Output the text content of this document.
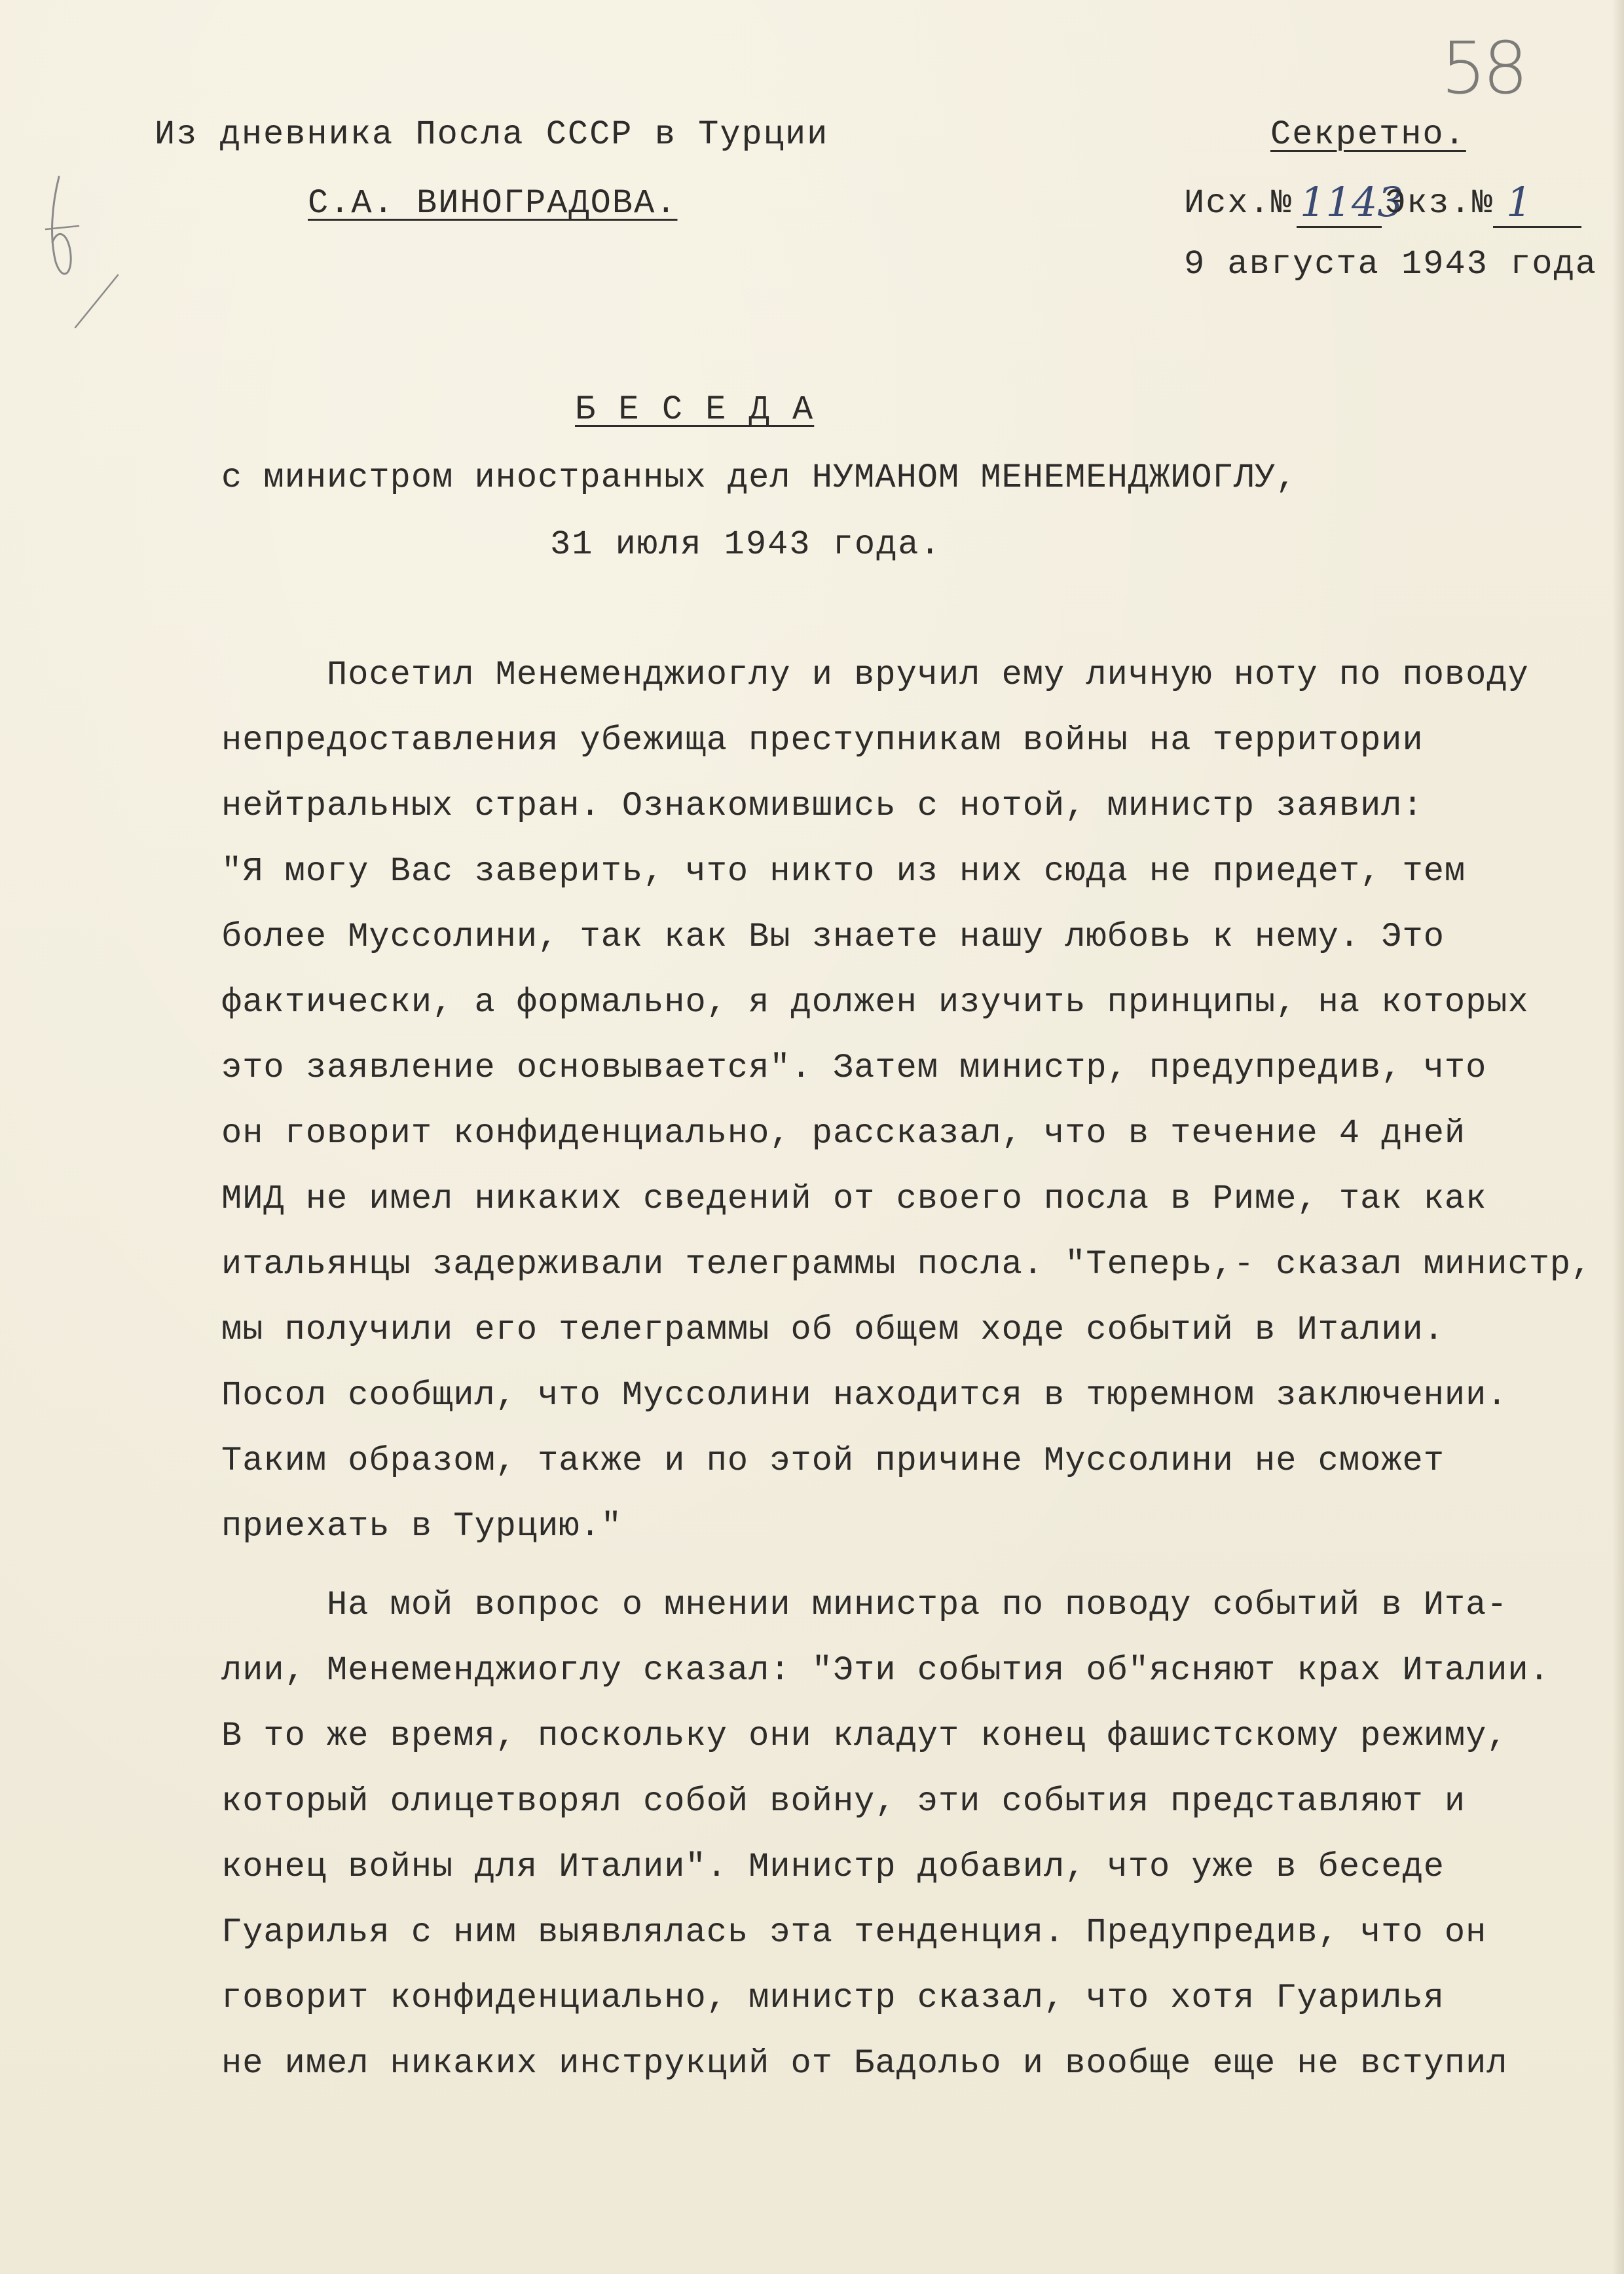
58
Из дневника Посла СССР в Турции
С.А. ВИНОГРАДОВА.
Секретно.
Исх.№ 1143
Экз.№ 1
9 августа 1943 года
Б Е С Е Д А
с министром иностранных дел НУМАНОМ МЕНЕМЕНДЖИОГЛУ,
31 июля 1943 года.
Посетил Менеменджиоглу и вручил ему личную ноту по поводу
непредоставления убежища преступникам войны на территории
нейтральных стран. Ознакомившись с нотой, министр заявил:
"Я могу Вас заверить, что никто из них сюда не приедет, тем
более Муссолини, так как Вы знаете нашу любовь к нему. Это
фактически, а формально, я должен изучить принципы, на которых
это заявление основывается". Затем министр, предупредив, что
он говорит конфиденциально, рассказал, что в течение 4 дней
МИД не имел никаких сведений от своего посла в Риме, так как
итальянцы задерживали телеграммы посла. "Теперь,- сказал министр,
мы получили его телеграммы об общем ходе событий в Италии.
Посол сообщил, что Муссолини находится в тюремном заключении.
Таким образом, также и по этой причине Муссолини не сможет
приехать в Турцию."
На мой вопрос о мнении министра по поводу событий в Ита-
лии, Менеменджиоглу сказал: "Эти события об"ясняют крах Италии.
В то же время, поскольку они кладут конец фашистскому режиму,
который олицетворял собой войну, эти события представляют и
конец войны для Италии". Министр добавил, что уже в беседе
Гуарилья с ним выявлялась эта тенденция. Предупредив, что он
говорит конфиденциально, министр сказал, что хотя Гуарилья
не имел никаких инструкций от Бадольо и вообще еще не вступил
